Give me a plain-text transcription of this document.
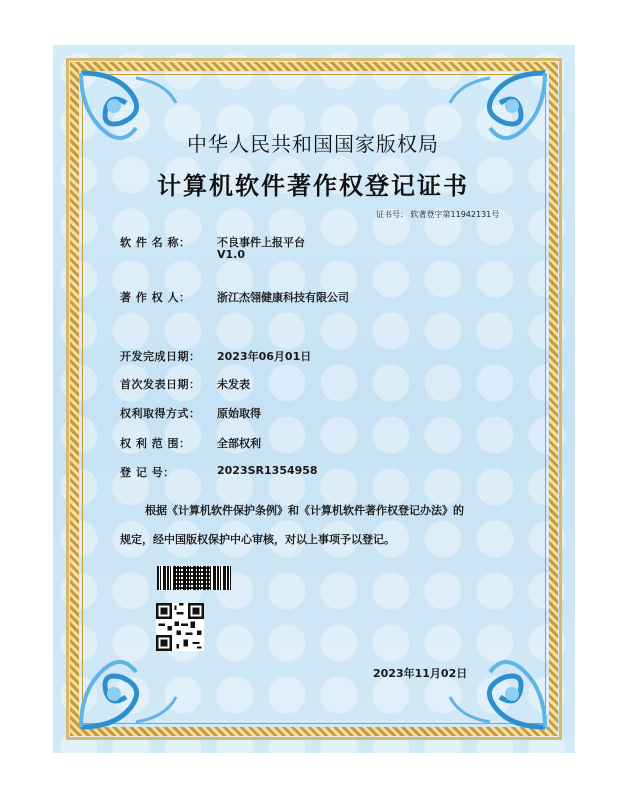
中华人民共和国国家版权局
计算机软件著作权登记证书
证书号： 软著登字第11942131号
软 件 名 称： 不良事件上报平台
V1.0
著 作 权 人： 浙江杰翎健康科技有限公司
开发完成日期： 2023年06月01日
首次发表日期： 未发表
权利取得方式： 原始取得
权 利 范 围： 全部权利
登 记 号：	2023SR1354958
根据《计算机软件保护条例》和《计算机软件著作权登记办法》的
规定，经中国版权保护中心审核，对以上事项予以登记。
2023年11月02日
